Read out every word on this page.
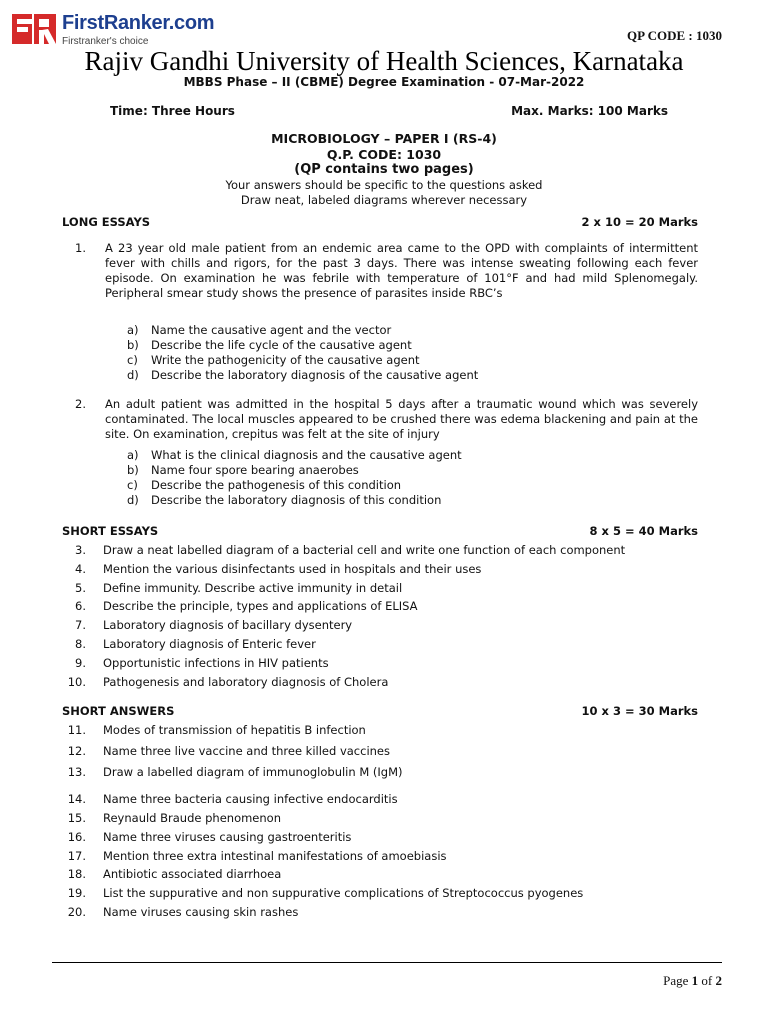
FirstRanker.com
Firstranker's choice	QP CODE : 1030
Rajiv Gandhi University of Health Sciences, Karnataka
MBBS Phase – II (CBME) Degree Examination - 07-Mar-2022
Time: Three Hours	Max. Marks: 100 Marks
MICROBIOLOGY – PAPER I (RS-4)
Q.P. CODE: 1030
(QP contains two pages)
Your answers should be specific to the questions asked
Draw neat, labeled diagrams wherever necessary
LONG ESSAYS	2 x 10 = 20 Marks
1. A 23 year old male patient from an endemic area came to the OPD with complaints of intermittent fever with chills and rigors, for the past 3 days. There was intense sweating following each fever episode. On examination he was febrile with temperature of 101°F and had mild Splenomegaly. Peripheral smear study shows the presence of parasites inside RBC’s
a) Name the causative agent and the vector
b) Describe the life cycle of the causative agent
c) Write the pathogenicity of the causative agent
d) Describe the laboratory diagnosis of the causative agent
2. An adult patient was admitted in the hospital 5 days after a traumatic wound which was severely contaminated. The local muscles appeared to be crushed there was edema blackening and pain at the site. On examination, crepitus was felt at the site of injury
a) What is the clinical diagnosis and the causative agent
b) Name four spore bearing anaerobes
c) Describe the pathogenesis of this condition
d) Describe the laboratory diagnosis of this condition
SHORT ESSAYS	8 x 5 = 40 Marks
3. Draw a neat labelled diagram of a bacterial cell and write one function of each component
4. Mention the various disinfectants used in hospitals and their uses
5. Define immunity. Describe active immunity in detail
6. Describe the principle, types and applications of ELISA
7. Laboratory diagnosis of bacillary dysentery
8. Laboratory diagnosis of Enteric fever
9. Opportunistic infections in HIV patients
10. Pathogenesis and laboratory diagnosis of Cholera
SHORT ANSWERS	10 x 3 = 30 Marks
11. Modes of transmission of hepatitis B infection
12. Name three live vaccine and three killed vaccines
13. Draw a labelled diagram of immunoglobulin M (IgM)
14. Name three bacteria causing infective endocarditis
15. Reynauld Braude phenomenon
16. Name three viruses causing gastroenteritis
17. Mention three extra intestinal manifestations of amoebiasis
18. Antibiotic associated diarrhoea
19. List the suppurative and non suppurative complications of Streptococcus pyogenes
20. Name viruses causing skin rashes
Page 1 of 2
